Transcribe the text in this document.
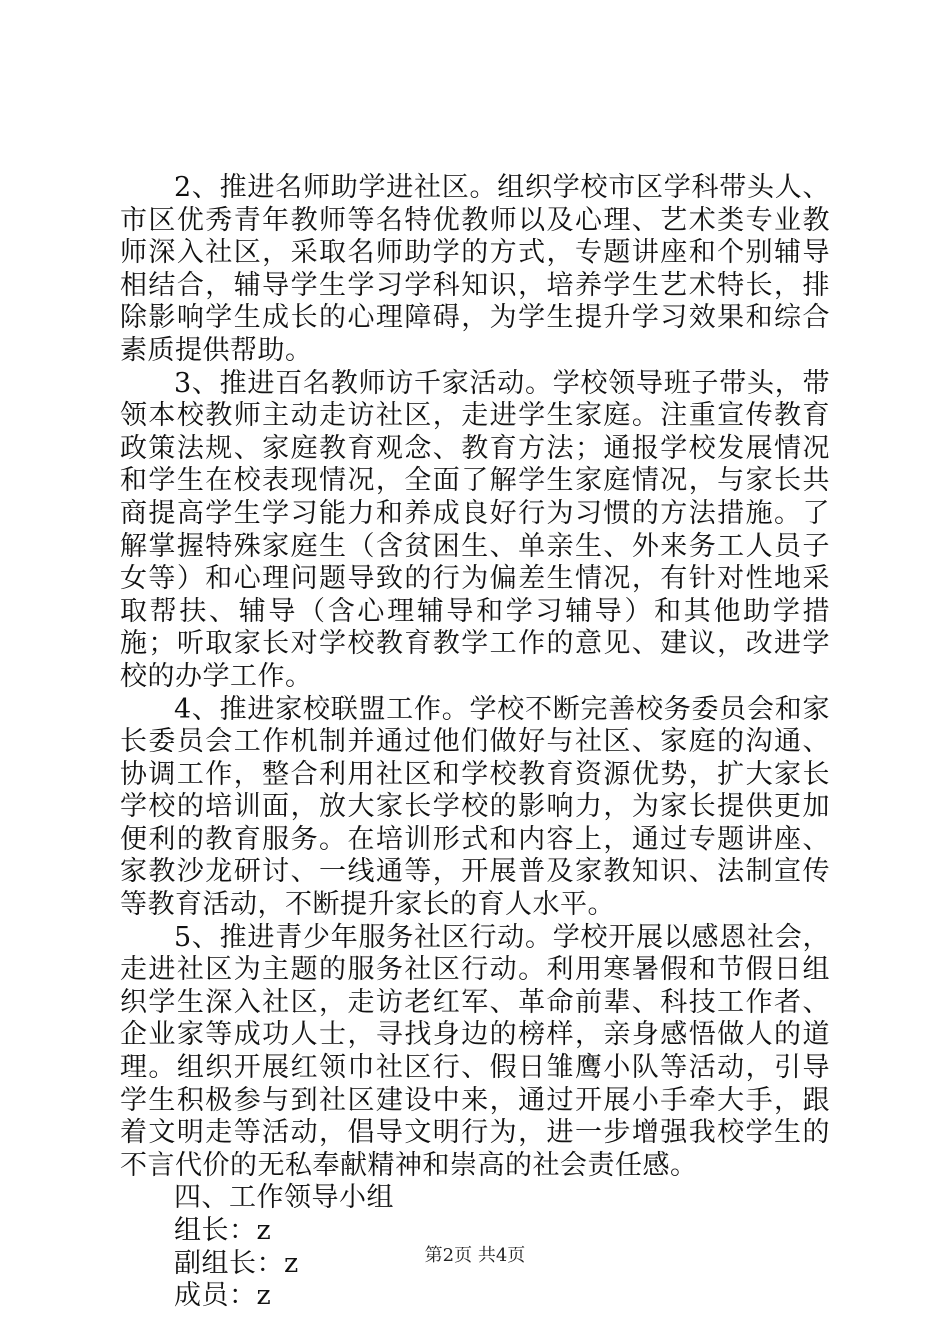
2、推进名师助学进社区。组织学校市区学科带头人、市区优秀青年教师等名特优教师以及心理、艺术类专业教师深入社区，采取名师助学的方式，专题讲座和个别辅导相结合，辅导学生学习学科知识，培养学生艺术特长，排除影响学生成长的心理障碍，为学生提升学习效果和综合素质提供帮助。

3、推进百名教师访千家活动。学校领导班子带头，带领本校教师主动走访社区，走进学生家庭。注重宣传教育政策法规、家庭教育观念、教育方法；通报学校发展情况和学生在校表现情况，全面了解学生家庭情况，与家长共商提高学生学习能力和养成良好行为习惯的方法措施。了解掌握特殊家庭生（含贫困生、单亲生、外来务工人员子女等）和心理问题导致的行为偏差生情况，有针对性地采取帮扶、辅导（含心理辅导和学习辅导）和其他助学措施；听取家长对学校教育教学工作的意见、建议，改进学校的办学工作。

4、推进家校联盟工作。学校不断完善校务委员会和家长委员会工作机制并通过他们做好与社区、家庭的沟通、协调工作，整合利用社区和学校教育资源优势，扩大家长学校的培训面，放大家长学校的影响力，为家长提供更加便利的教育服务。在培训形式和内容上，通过专题讲座、家教沙龙研讨、一线通等，开展普及家教知识、法制宣传等教育活动，不断提升家长的育人水平。

5、推进青少年服务社区行动。学校开展以感恩社会，走进社区为主题的服务社区行动。利用寒暑假和节假日组织学生深入社区，走访老红军、革命前辈、科技工作者、企业家等成功人士，寻找身边的榜样，亲身感悟做人的道理。组织开展红领巾社区行、假日雏鹰小队等活动，引导学生积极参与到社区建设中来，通过开展小手牵大手，跟着文明走等活动，倡导文明行为，进一步增强我校学生的不言代价的无私奉献精神和崇高的社会责任感。

四、工作领导小组

组长：z

副组长：z

成员：z

第2页 共4页
